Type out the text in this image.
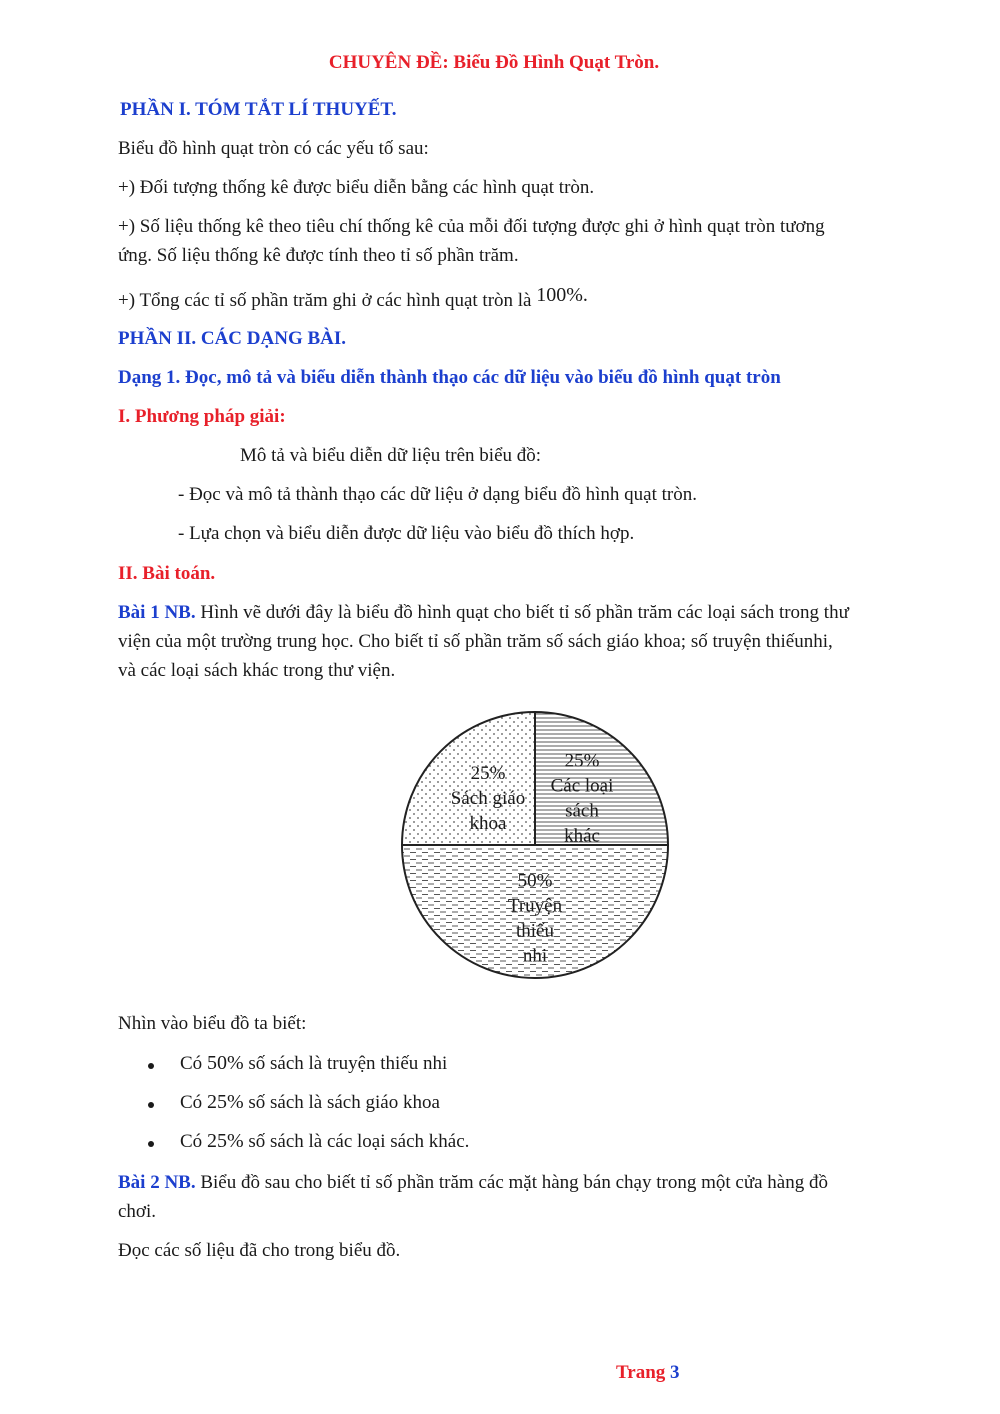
CHUYÊN ĐỀ: Biểu Đồ Hình Quạt Tròn.
PHẦN I. TÓM TẮT LÍ THUYẾT.
Biểu đồ hình quạt tròn có các yếu tố sau:
+) Đối tượng thống kê được biểu diễn bằng các hình quạt tròn.
+) Số liệu thống kê theo tiêu chí thống kê của mỗi đối tượng được ghi ở hình quạt tròn tương
ứng. Số liệu thống kê được tính theo tỉ số phần trăm.
+) Tổng các tỉ số phần trăm ghi ở các hình quạt tròn là 100%.
PHẦN II. CÁC DẠNG BÀI.
Dạng 1. Đọc, mô tả và biểu diễn thành thạo các dữ liệu vào biểu đồ hình quạt tròn
I. Phương pháp giải:
Mô tả và biểu diễn dữ liệu trên biểu đồ:
- Đọc và mô tả thành thạo các dữ liệu ở dạng biểu đồ hình quạt tròn.
- Lựa chọn và biểu diễn được dữ liệu vào biểu đồ thích hợp.
II. Bài toán.
Bài 1 NB. Hình vẽ dưới đây là biểu đồ hình quạt cho biết tỉ số phần trăm các loại sách trong thư
viện của một trường trung học. Cho biết tỉ số phần trăm số sách giáo khoa; số truyện thiếunhi,
và các loại sách khác trong thư viện.
25%
Sách giáo
khoa
25%
Các loại
sách
khác
50%
Truyện
thiếu
nhi
Nhìn vào biểu đồ ta biết:
Có 50% số sách là truyện thiếu nhi
Có 25% số sách là sách giáo khoa
Có 25% số sách là các loại sách khác.
Bài 2 NB. Biểu đồ sau cho biết tỉ số phần trăm các mặt hàng bán chạy trong một cửa hàng đồ
chơi.
Đọc các số liệu đã cho trong biểu đồ.
Trang 3
